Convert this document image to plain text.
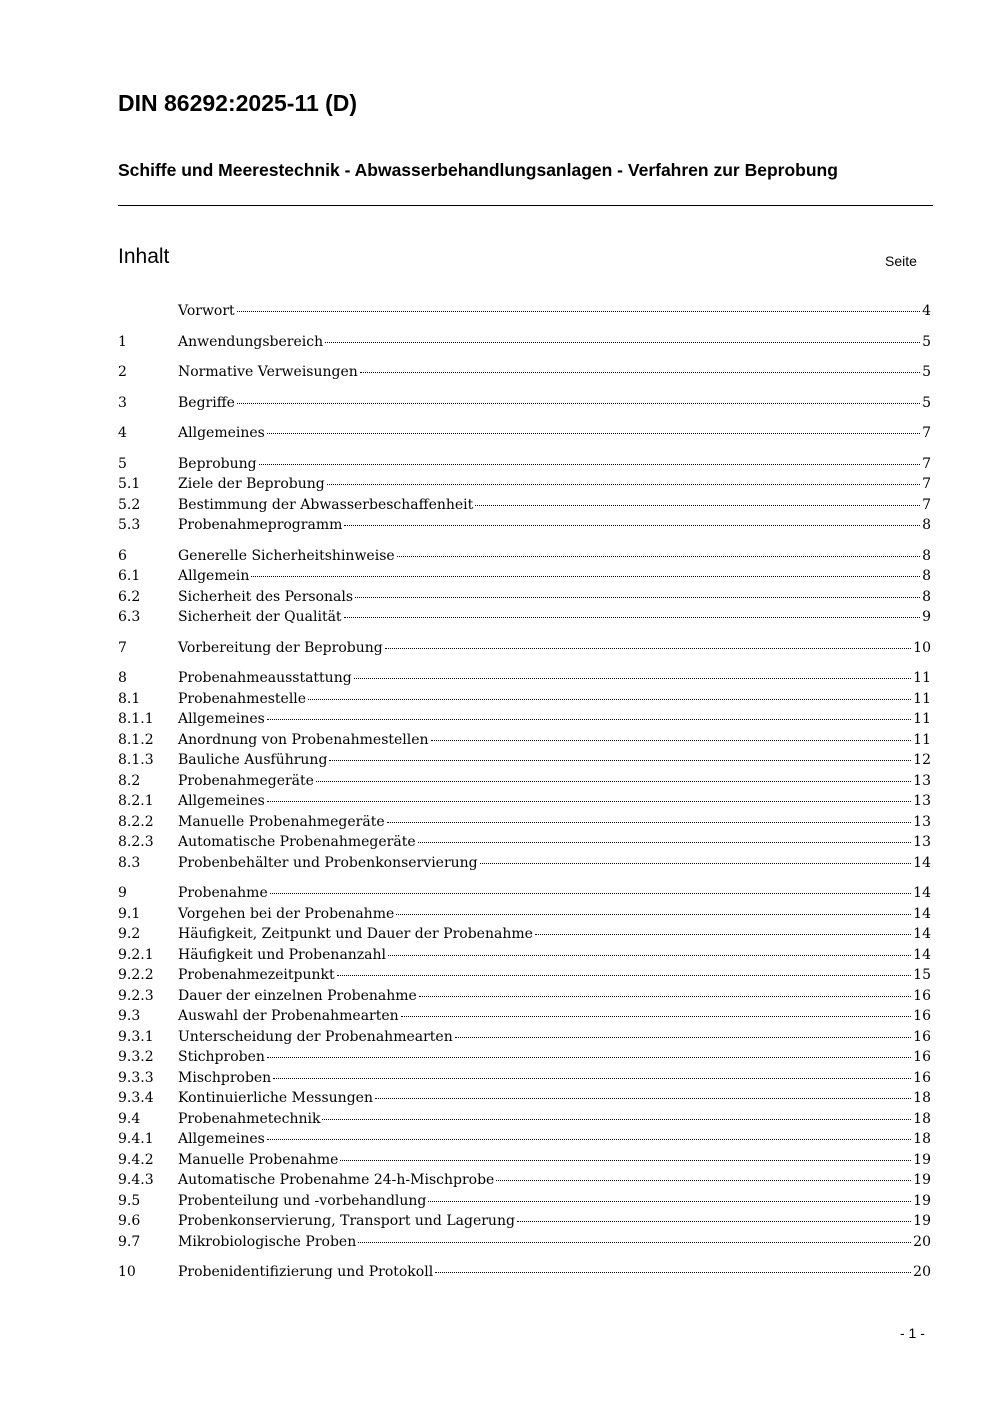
DIN 86292:2025-11 (D)
Schiffe und Meerestechnik - Abwasserbehandlungsanlagen - Verfahren zur Beprobung
Inhalt	Seite
Vorwort	4
1	Anwendungsbereich	5
2	Normative Verweisungen	5
3	Begriffe	5
4	Allgemeines	7
5	Beprobung	7
5.1	Ziele der Beprobung	7
5.2	Bestimmung der Abwasserbeschaffenheit	7
5.3	Probenahmeprogramm	8
6	Generelle Sicherheitshinweise	8
6.1	Allgemein	8
6.2	Sicherheit des Personals	8
6.3	Sicherheit der Qualität	9
7	Vorbereitung der Beprobung	10
8	Probenahmeausstattung	11
8.1	Probenahmestelle	11
8.1.1	Allgemeines	11
8.1.2	Anordnung von Probenahmestellen	11
8.1.3	Bauliche Ausführung	12
8.2	Probenahmegeräte	13
8.2.1	Allgemeines	13
8.2.2	Manuelle Probenahmegeräte	13
8.2.3	Automatische Probenahmegeräte	13
8.3	Probenbehälter und Probenkonservierung	14
9	Probenahme	14
9.1	Vorgehen bei der Probenahme	14
9.2	Häufigkeit, Zeitpunkt und Dauer der Probenahme	14
9.2.1	Häufigkeit und Probenanzahl	14
9.2.2	Probenahmezeitpunkt	15
9.2.3	Dauer der einzelnen Probenahme	16
9.3	Auswahl der Probenahmearten	16
9.3.1	Unterscheidung der Probenahmearten	16
9.3.2	Stichproben	16
9.3.3	Mischproben	16
9.3.4	Kontinuierliche Messungen	18
9.4	Probenahmetechnik	18
9.4.1	Allgemeines	18
9.4.2	Manuelle Probenahme	19
9.4.3	Automatische Probenahme 24-h-Mischprobe	19
9.5	Probenteilung und -vorbehandlung	19
9.6	Probenkonservierung, Transport und Lagerung	19
9.7	Mikrobiologische Proben	20
10	Probenidentifizierung und Protokoll	20
- 1 -
